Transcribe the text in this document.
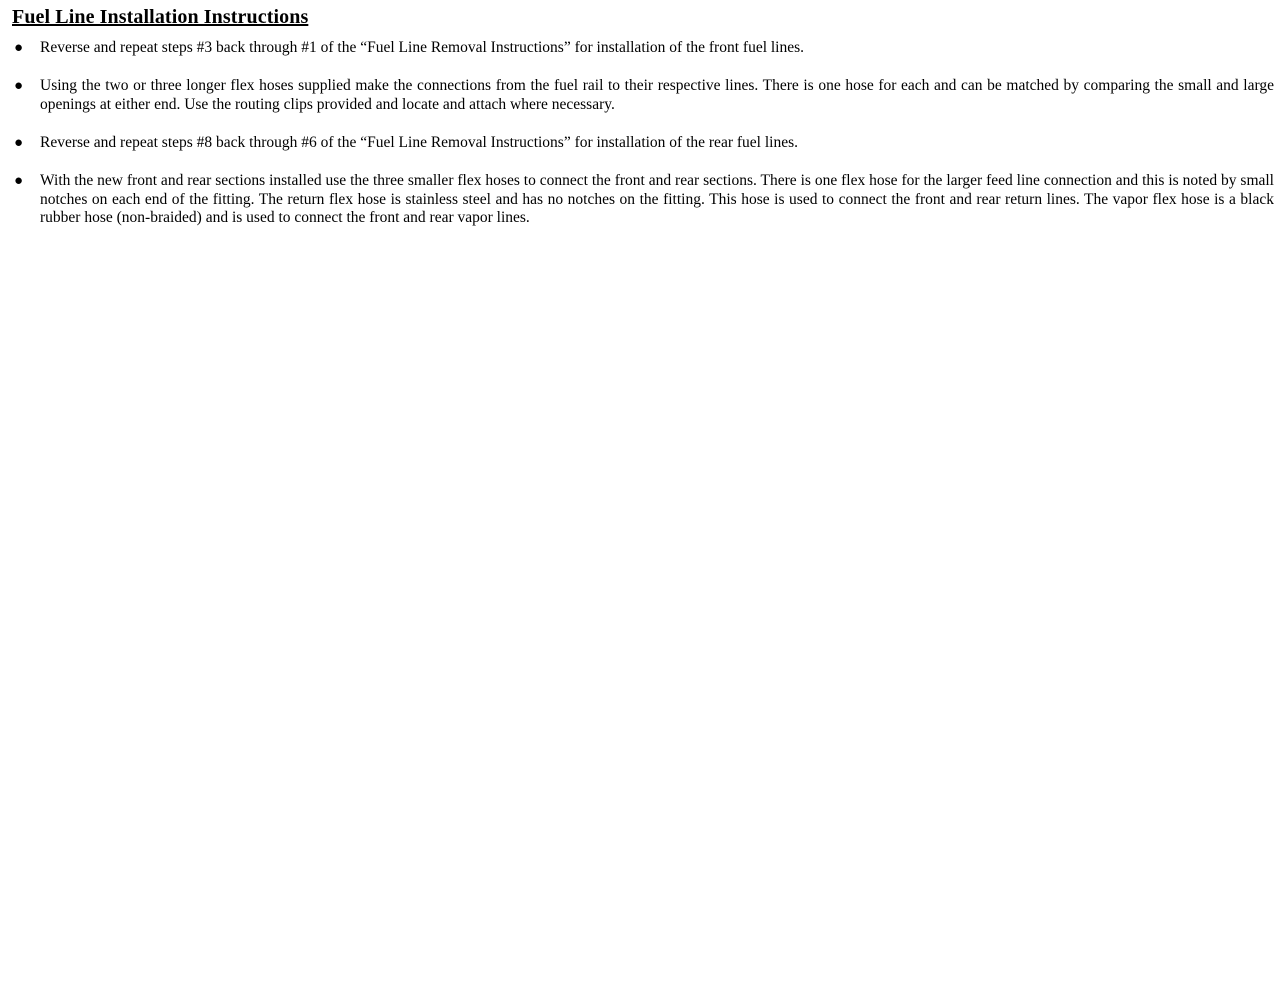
Fuel Line Installation Instructions
● Reverse and repeat steps #3 back through #1 of the “Fuel Line Removal Instructions” for installation of the front fuel lines.
● Using the two or three longer flex hoses supplied make the connections from the fuel rail to their respective lines. There is one hose for each and can be matched by comparing the small and large openings at either end. Use the routing clips provided and locate and attach where necessary.
● Reverse and repeat steps #8 back through #6 of the “Fuel Line Removal Instructions” for installation of the rear fuel lines.
● With the new front and rear sections installed use the three smaller flex hoses to connect the front and rear sections. There is one flex hose for the larger feed line connection and this is noted by small notches on each end of the fitting. The return flex hose is stainless steel and has no notches on the fitting. This hose is used to connect the front and rear return lines. The vapor flex hose is a black rubber hose (non-braided) and is used to connect the front and rear vapor lines.
